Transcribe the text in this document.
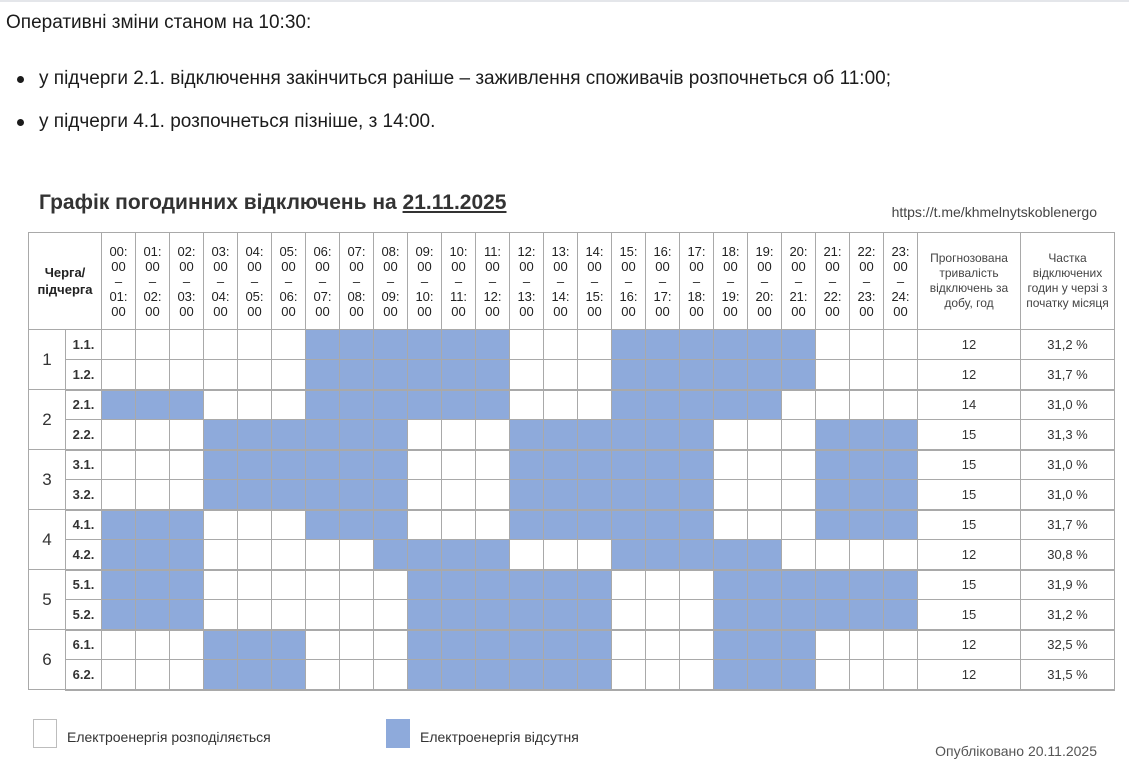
Оперативні зміни станом на 10:30:
у підчерги 2.1. відключення закінчиться раніше – заживлення споживачів розпочнеться об 11:00;
у підчерги 4.1. розпочнеться пізніше, з 14:00.
Графік погодинних відключень на 21.11.2025	https://t.me/khmelnytskoblenergo
Черга/
підчерга		00:
00
–
01:
00	01:
00
–
02:
00	02:
00
–
03:
00	03:
00
–
04:
00	04:
00
–
05:
00	05:
00
–
06:
00	06:
00
–
07:
00	07:
00
–
08:
00	08:
00
–
09:
00	09:
00
–
10:
00	10:
00
–
11:
00	11:
00
–
12:
00	12:
00
–
13:
00	13:
00
–
14:
00	14:
00
–
15:
00	15:
00
–
16:
00	16:
00
–
17:
00	17:
00
–
18:
00	18:
00
–
19:
00	19:
00
–
20:
00	20:
00
–
21:
00	21:
00
–
22:
00	22:
00
–
23:
00	23:
00
–
24:
00	Прогнозована тривалість відключень за добу, год	Частка відключених годин у черзі з початку місяця
1	1.1.																									12	31,2 %
	1.2.																									12	31,7 %
2	2.1.																									14	31,0 %
	2.2.																									15	31,3 %
3	3.1.																									15	31,0 %
	3.2.																									15	31,0 %
4	4.1.																									15	31,7 %
	4.2.																									12	30,8 %
5	5.1.																									15	31,9 %
	5.2.																									15	31,2 %
6	6.1.																									12	32,5 %
	6.2.																									12	31,5 %
Електроенергія розподіляється	Електроенергія відсутня
Опубліковано 20.11.2025
